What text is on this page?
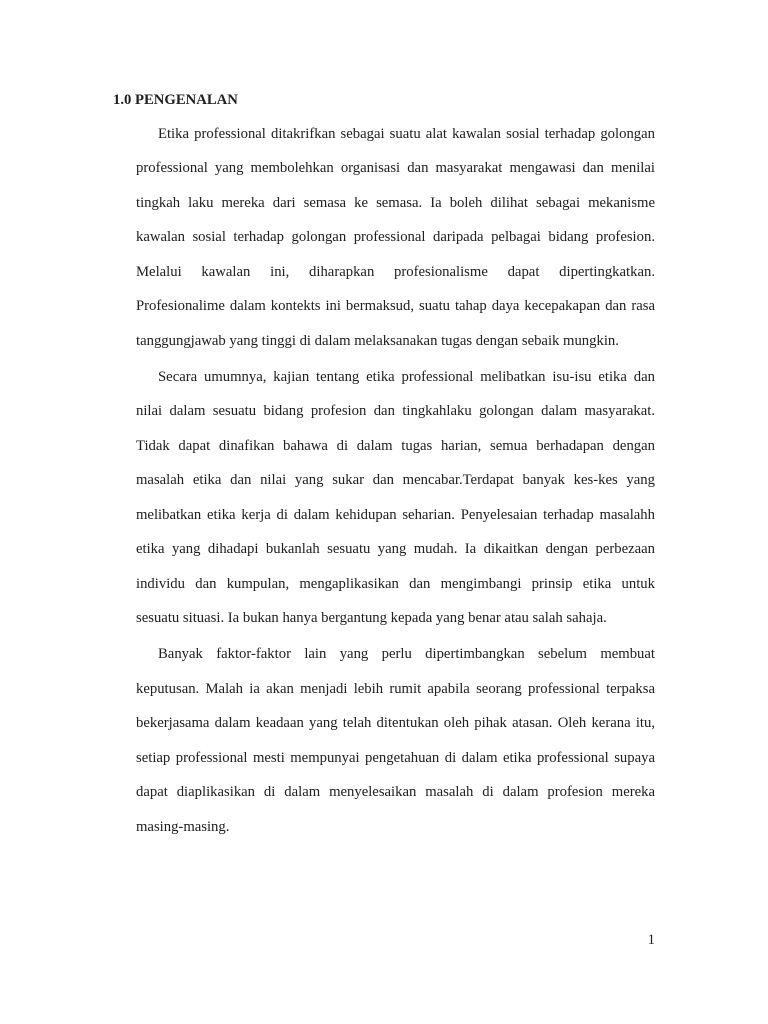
1.0 PENGENALAN
Etika professional ditakrifkan sebagai suatu alat kawalan sosial terhadap golongan
professional yang membolehkan organisasi dan masyarakat mengawasi dan menilai
tingkah laku mereka dari semasa ke semasa. Ia boleh dilihat sebagai mekanisme
kawalan sosial terhadap golongan professional daripada pelbagai bidang profesion.
Melalui kawalan ini, diharapkan profesionalisme dapat dipertingkatkan.
Profesionalime dalam kontekts ini bermaksud, suatu tahap daya kecepakapan dan rasa
tanggungjawab yang tinggi di dalam melaksanakan tugas dengan sebaik mungkin.
Secara umumnya, kajian tentang etika professional melibatkan isu-isu etika dan
nilai dalam sesuatu bidang profesion dan tingkahlaku golongan dalam masyarakat.
Tidak dapat dinafikan bahawa di dalam tugas harian, semua berhadapan dengan
masalah etika dan nilai yang sukar dan mencabar.Terdapat banyak kes-kes yang
melibatkan etika kerja di dalam kehidupan seharian. Penyelesaian terhadap masalahh
etika yang dihadapi bukanlah sesuatu yang mudah. Ia dikaitkan dengan perbezaan
individu dan kumpulan, mengaplikasikan dan mengimbangi prinsip etika untuk
sesuatu situasi. Ia bukan hanya bergantung kepada yang benar atau salah sahaja.
Banyak faktor-faktor lain yang perlu dipertimbangkan sebelum membuat
keputusan. Malah ia akan menjadi lebih rumit apabila seorang professional terpaksa
bekerjasama dalam keadaan yang telah ditentukan oleh pihak atasan. Oleh kerana itu,
setiap professional mesti mempunyai pengetahuan di dalam etika professional supaya
dapat diaplikasikan di dalam menyelesaikan masalah di dalam profesion mereka
masing-masing.
1
